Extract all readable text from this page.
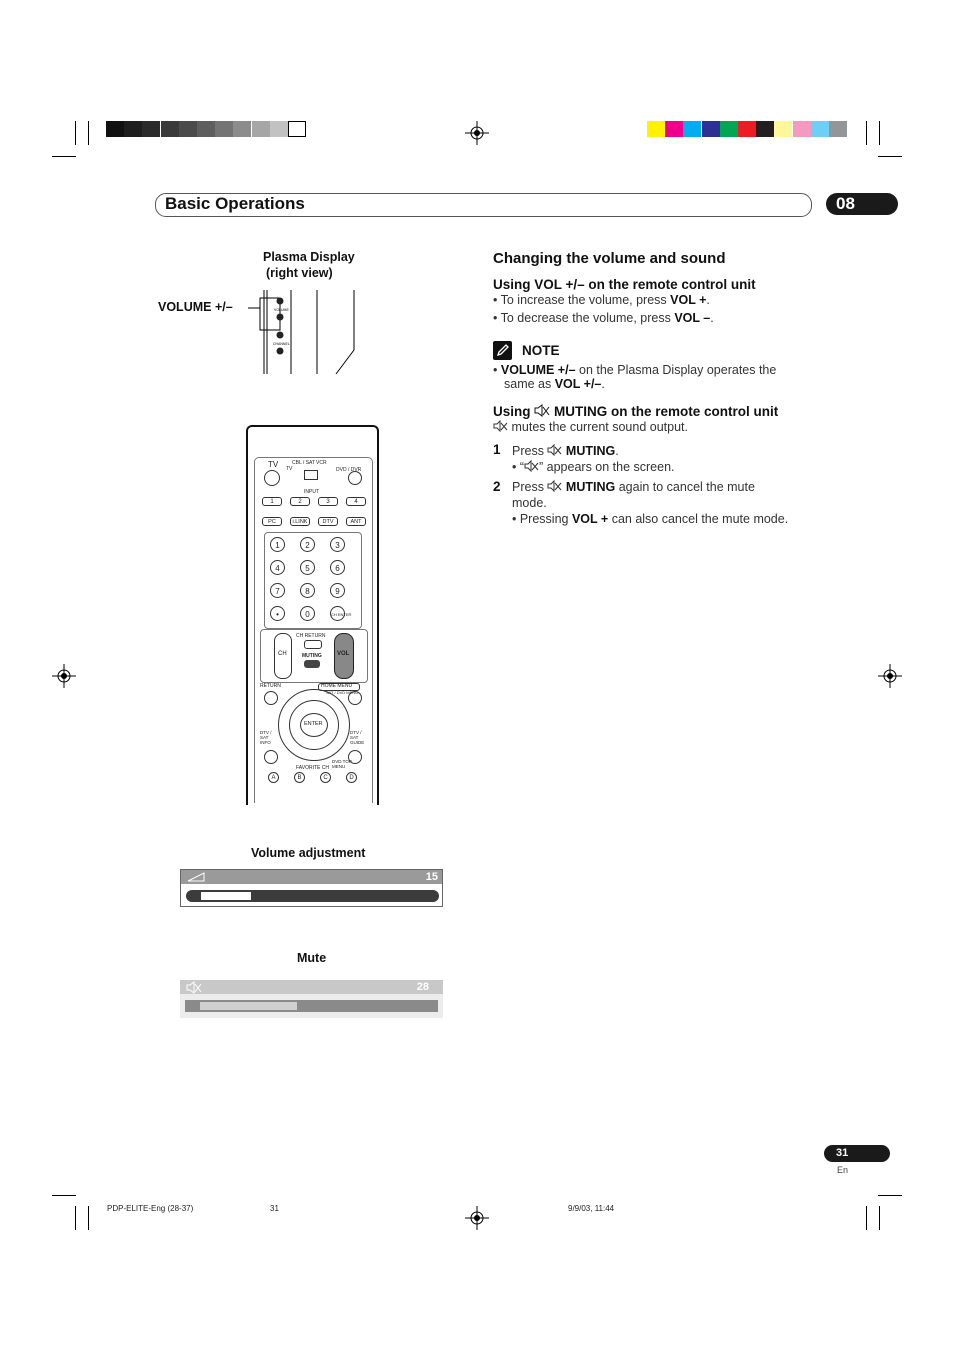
Basic Operations	08
Plasma Display
(right view)
VOLUME +/–	VOLUME
CHANNEL
TV	CBL / SAT VCR
TV	DVD / DVR
INPUT
1	2	3	4
PC	i.LINK	DTV	ANT
1	2	3
4	5	6
7	8	9
•	0	CH ENTER
CH
CH RETURN
MUTING	VOL
RETURN	HOME MENU
SAT / DVD MENU
ENTER
DTV / SAT INFO
DTV / SAT GUIDE
FAVORITE CH
DVD TOP MENU
A	B	C	D
Volume adjustment
15
Mute
28
Changing the volume and sound
Using VOL +/– on the remote control unit
• To increase the volume, press VOL +.
• To decrease the volume, press VOL –.
NOTE
• VOLUME +/– on the Plasma Display operates the
same as VOL +/–.
Using  MUTING on the remote control unit
mutes the current sound output.
1 Press  MUTING.
• “ ” appears on the screen.
2 Press  MUTING again to cancel the mute
mode.
• Pressing VOL + can also cancel the mute mode.
31
En
PDP-ELITE-Eng (28-37)	31	9/9/03, 11:44
